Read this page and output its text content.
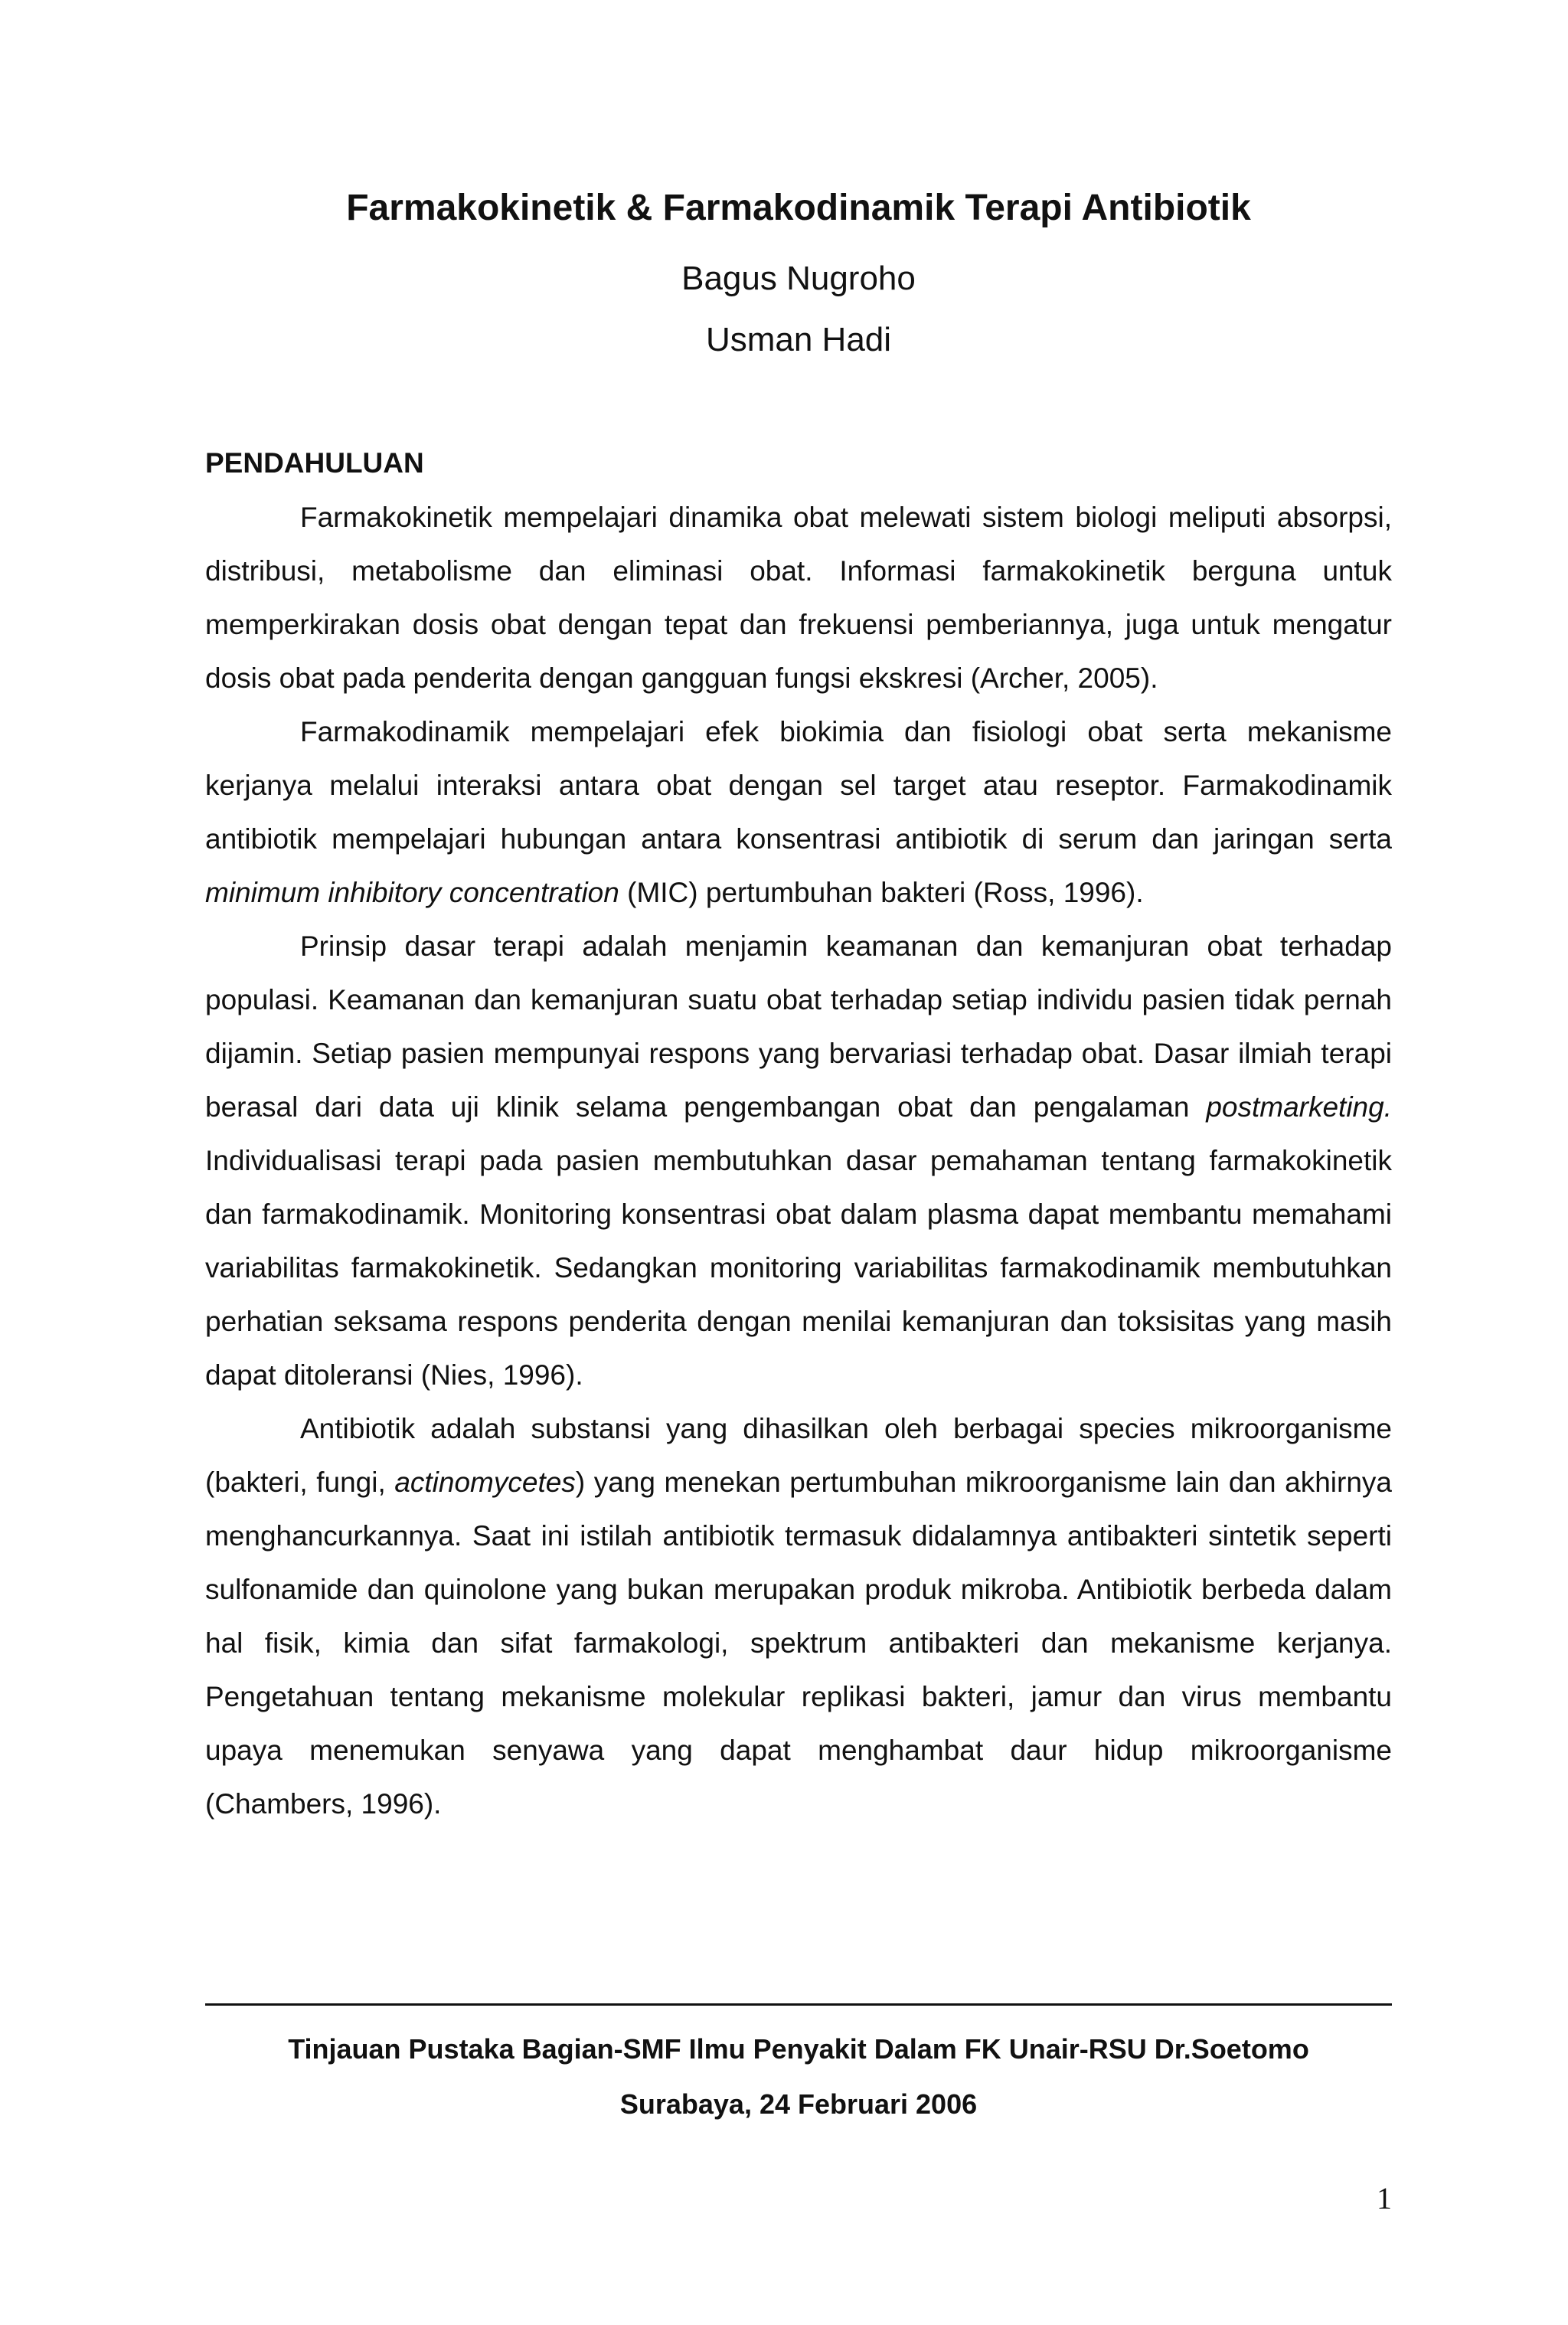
Farmakokinetik & Farmakodinamik Terapi Antibiotik
Bagus Nugroho
Usman Hadi
PENDAHULUAN

Farmakokinetik mempelajari dinamika obat melewati sistem biologi meliputi absorpsi, distribusi, metabolisme dan eliminasi obat. Informasi farmakokinetik berguna untuk memperkirakan dosis obat dengan tepat dan frekuensi pemberiannya, juga untuk mengatur dosis obat pada penderita dengan gangguan fungsi ekskresi (Archer, 2005).

Farmakodinamik mempelajari efek biokimia dan fisiologi obat serta mekanisme kerjanya melalui interaksi antara obat dengan sel target atau reseptor. Farmakodinamik antibiotik mempelajari hubungan antara konsentrasi antibiotik di serum dan jaringan serta minimum inhibitory concentration (MIC) pertumbuhan bakteri (Ross, 1996).

Prinsip dasar terapi adalah menjamin keamanan dan kemanjuran obat terhadap populasi. Keamanan dan kemanjuran suatu obat terhadap setiap individu pasien tidak pernah dijamin. Setiap pasien mempunyai respons yang bervariasi terhadap obat. Dasar ilmiah terapi berasal dari data uji klinik selama pengembangan obat dan pengalaman postmarketing. Individualisasi terapi pada pasien membutuhkan dasar pemahaman tentang farmakokinetik dan farmakodinamik. Monitoring konsentrasi obat dalam plasma dapat membantu memahami variabilitas farmakokinetik. Sedangkan monitoring variabilitas farmakodinamik membutuhkan perhatian seksama respons penderita dengan menilai kemanjuran dan toksisitas yang masih dapat ditoleransi (Nies, 1996).

Antibiotik adalah substansi yang dihasilkan oleh berbagai species mikroorganisme (bakteri, fungi, actinomycetes) yang menekan pertumbuhan mikroorganisme lain dan akhirnya menghancurkannya. Saat ini istilah antibiotik termasuk didalamnya antibakteri sintetik seperti sulfonamide dan quinolone yang bukan merupakan produk mikroba. Antibiotik berbeda dalam hal fisik, kimia dan sifat farmakologi, spektrum antibakteri dan mekanisme kerjanya. Pengetahuan tentang mekanisme molekular replikasi bakteri, jamur dan virus membantu upaya menemukan senyawa yang dapat menghambat daur hidup mikroorganisme (Chambers, 1996).

Tinjauan Pustaka Bagian-SMF Ilmu Penyakit Dalam FK Unair-RSU Dr.Soetomo
Surabaya, 24 Februari 2006
1
